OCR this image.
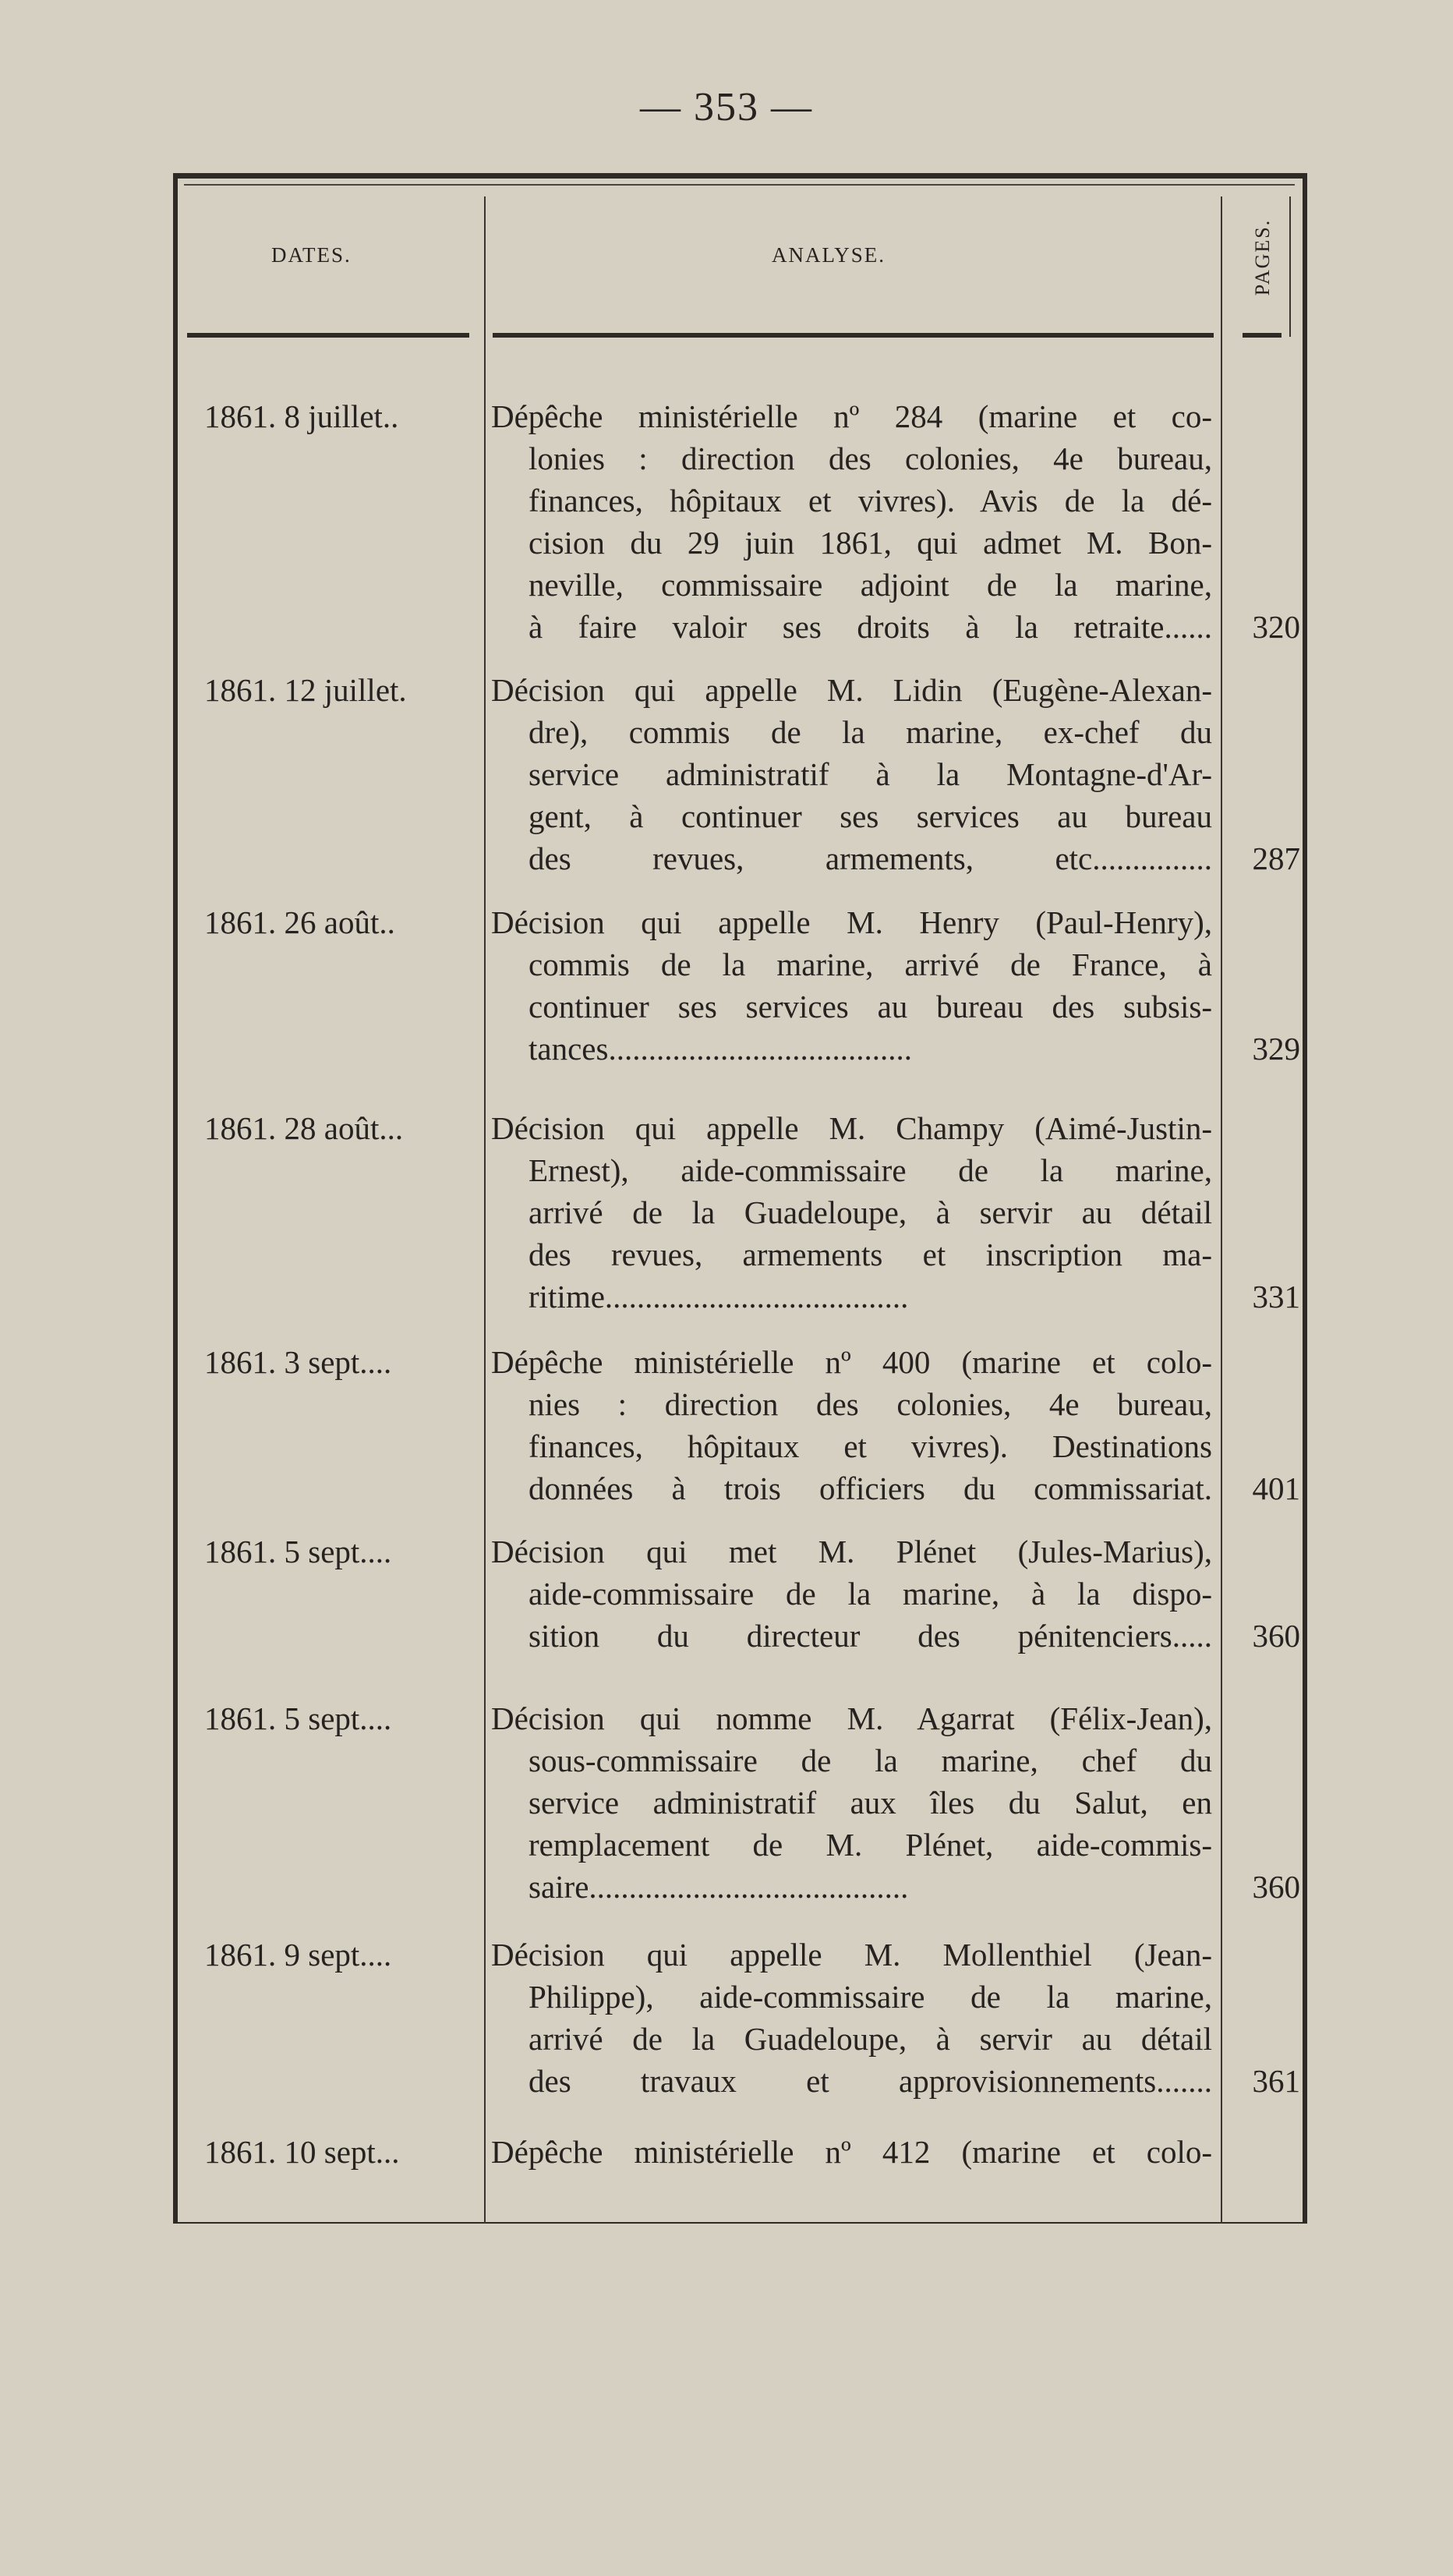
— 353 —
DATES.	ANALYSE.	PAGES.
1861. 8 juillet..	Dépêche ministérielle nº 284 (marine et co-
lonies : direction des colonies, 4e bureau,
finances, hôpitaux et vivres). Avis de la dé-
cision du 29 juin 1861, qui admet M. Bon-
neville, commissaire adjoint de la marine,
à faire valoir ses droits à la retraite......	320
1861. 12 juillet.	Décision qui appelle M. Lidin (Eugène-Alexan-
dre), commis de la marine, ex-chef du
service administratif à la Montagne-d'Ar-
gent, à continuer ses services au bureau
des revues, armements, etc...............	287
1861. 26 août..	Décision qui appelle M. Henry (Paul-Henry),
commis de la marine, arrivé de France, à
continuer ses services au bureau des subsis-
tances......................................	329
1861. 28 août...	Décision qui appelle M. Champy (Aimé-Justin-
Ernest), aide-commissaire de la marine,
arrivé de la Guadeloupe, à servir au détail
des revues, armements et inscription ma-
ritime......................................	331
1861. 3 sept....	Dépêche ministérielle nº 400 (marine et colo-
nies : direction des colonies, 4e bureau,
finances, hôpitaux et vivres). Destinations
données à trois officiers du commissariat.	401
1861. 5 sept....	Décision qui met M. Plénet (Jules-Marius),
aide-commissaire de la marine, à la dispo-
sition du directeur des pénitenciers.....	360
1861. 5 sept....	Décision qui nomme M. Agarrat (Félix-Jean),
sous-commissaire de la marine, chef du
service administratif aux îles du Salut, en
remplacement de M. Plénet, aide-commis-
saire........................................	360
1861. 9 sept....	Décision qui appelle M. Mollenthiel (Jean-
Philippe), aide-commissaire de la marine,
arrivé de la Guadeloupe, à servir au détail
des travaux et approvisionnements.......	361
1861. 10 sept...	Dépêche ministérielle nº 412 (marine et colo-
